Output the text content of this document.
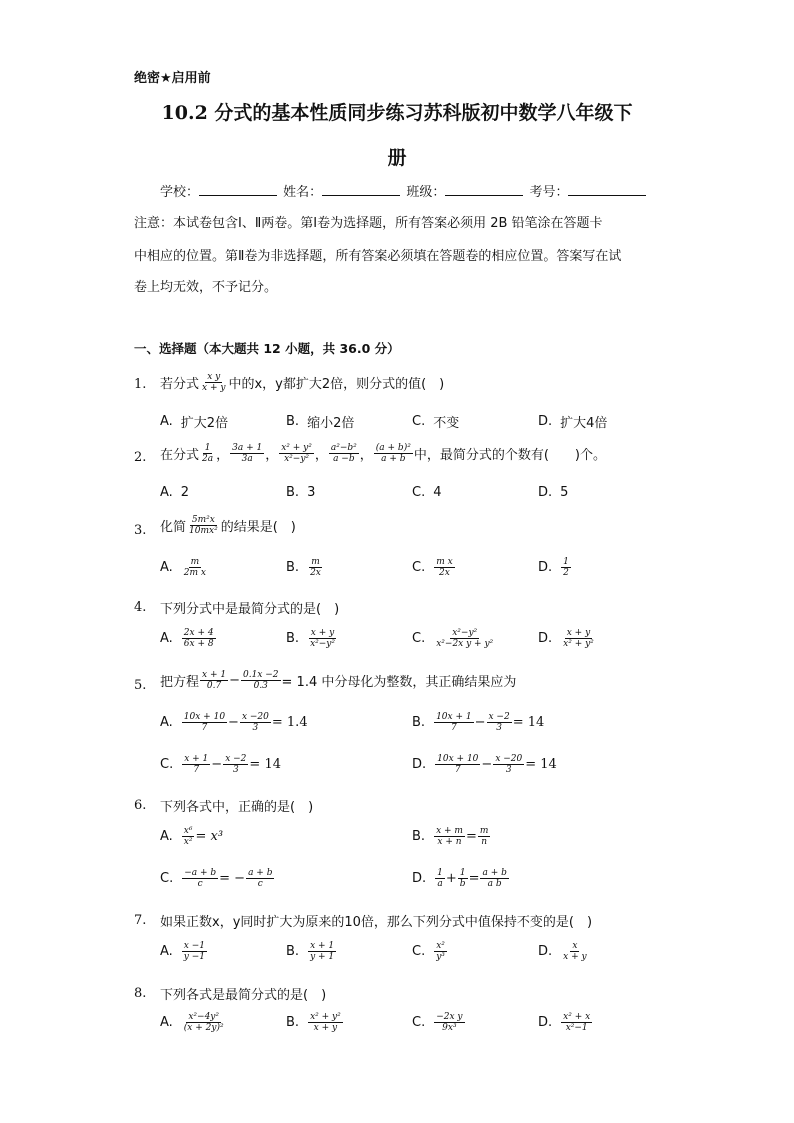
绝密★启用前
10.2 分式的基本性质同步练习苏科版初中数学八年级下
册
学校：	姓名：	班级：	考号：
注意：本试卷包含Ⅰ、Ⅱ两卷。第Ⅰ卷为选择题，所有答案必须用 2B 铅笔涂在答题卡
中相应的位置。第Ⅱ卷为非选择题，所有答案必须填在答题卷的相应位置。答案写在试
卷上均无效，不予记分。
一、选择题（本大题共 12 小题，共 36.0 分）
1. 若分式 $\frac{\text{x y}}{x + y}$ 中的x，y都扩大2倍，则分式的值(　)
A. 扩大2倍	B. 缩小2倍	C. 不变	D. 扩大4倍
2. 在分式 $\frac{1}{2a}$ ， $\frac{3a + 1}{3a}$ ， $\frac{\text{x² + y²}}{\text{x²−y²}}$ ， $\frac{\text{a²−b²}}{a -b}$ ， $\frac{\text{(a + b)²}}{a + b}$ 中，最简分式的个数有(　　)个。
A. 2	B. 3	C. 4	D. 5
3. 化简 $\frac{\text{5m²x}}{\text{10mx²}}$ 的结果是(　)
A. $\frac{m}{\text{2m x}}$	B. $\frac{m}{2x}$	C. $\frac{\text{m x}}{2x}$	D. $\frac{1}{2}$
4. 下列分式中是最简分式的是(　)
A. $\frac{2x + 4}{6x + 8}$	B. $\frac{x + y}{\text{x²−y²}}$	C. $\frac{\text{x²−y²}}{\text{x²−2x y + y²}}$	D. $\frac{x + y}{\text{x² + y²}}$
5. 把方程 $\frac{x + 1}{0.7} - \frac{0.1x -2}{0.3} = 1.4$ 中分母化为整数，其正确结果应为
A. $\frac{10x + 10}{7} - \frac{x -20}{3} = 1.4$	B. $\frac{10x + 1}{7} - \frac{x -2}{3} = 14$
C. $\frac{x + 1}{7} - \frac{x -2}{3} = 14$	D. $\frac{10x + 10}{7} - \frac{x -20}{3} = 14$
6. 下列各式中，正确的是(　)
A. $\frac{\text{x⁶}}{\text{x²}} = x^3$	B. $\frac{x + m}{x + n} = \frac{m}{n}$
C. $\frac{-a + b}{c}$ = − $\frac{a + b}{c}$	D. $\frac{1}{a} + \frac{1}{b} = \frac{a + b}{\text{a b}}$
7. 如果正数x，y同时扩大为原来的10倍，那么下列分式中值保持不变的是(　)
A. $\frac{x -1}{y -1}$	B. $\frac{x + 1}{y + 1}$	C. $\frac{\text{x²}}{\text{y³}}$	D. $\frac{x}{x + y}$
8. 下列各式是最简分式的是(　)
A. $\frac{\text{x²−4y²}}{\text{(x + 2y)²}}$	B. $\frac{\text{x² + y²}}{x + y}$	C. $\frac{\text{−2x y}}{\text{9x³}}$	D. $\frac{\text{x² + x}}{\text{x²−1}}$
